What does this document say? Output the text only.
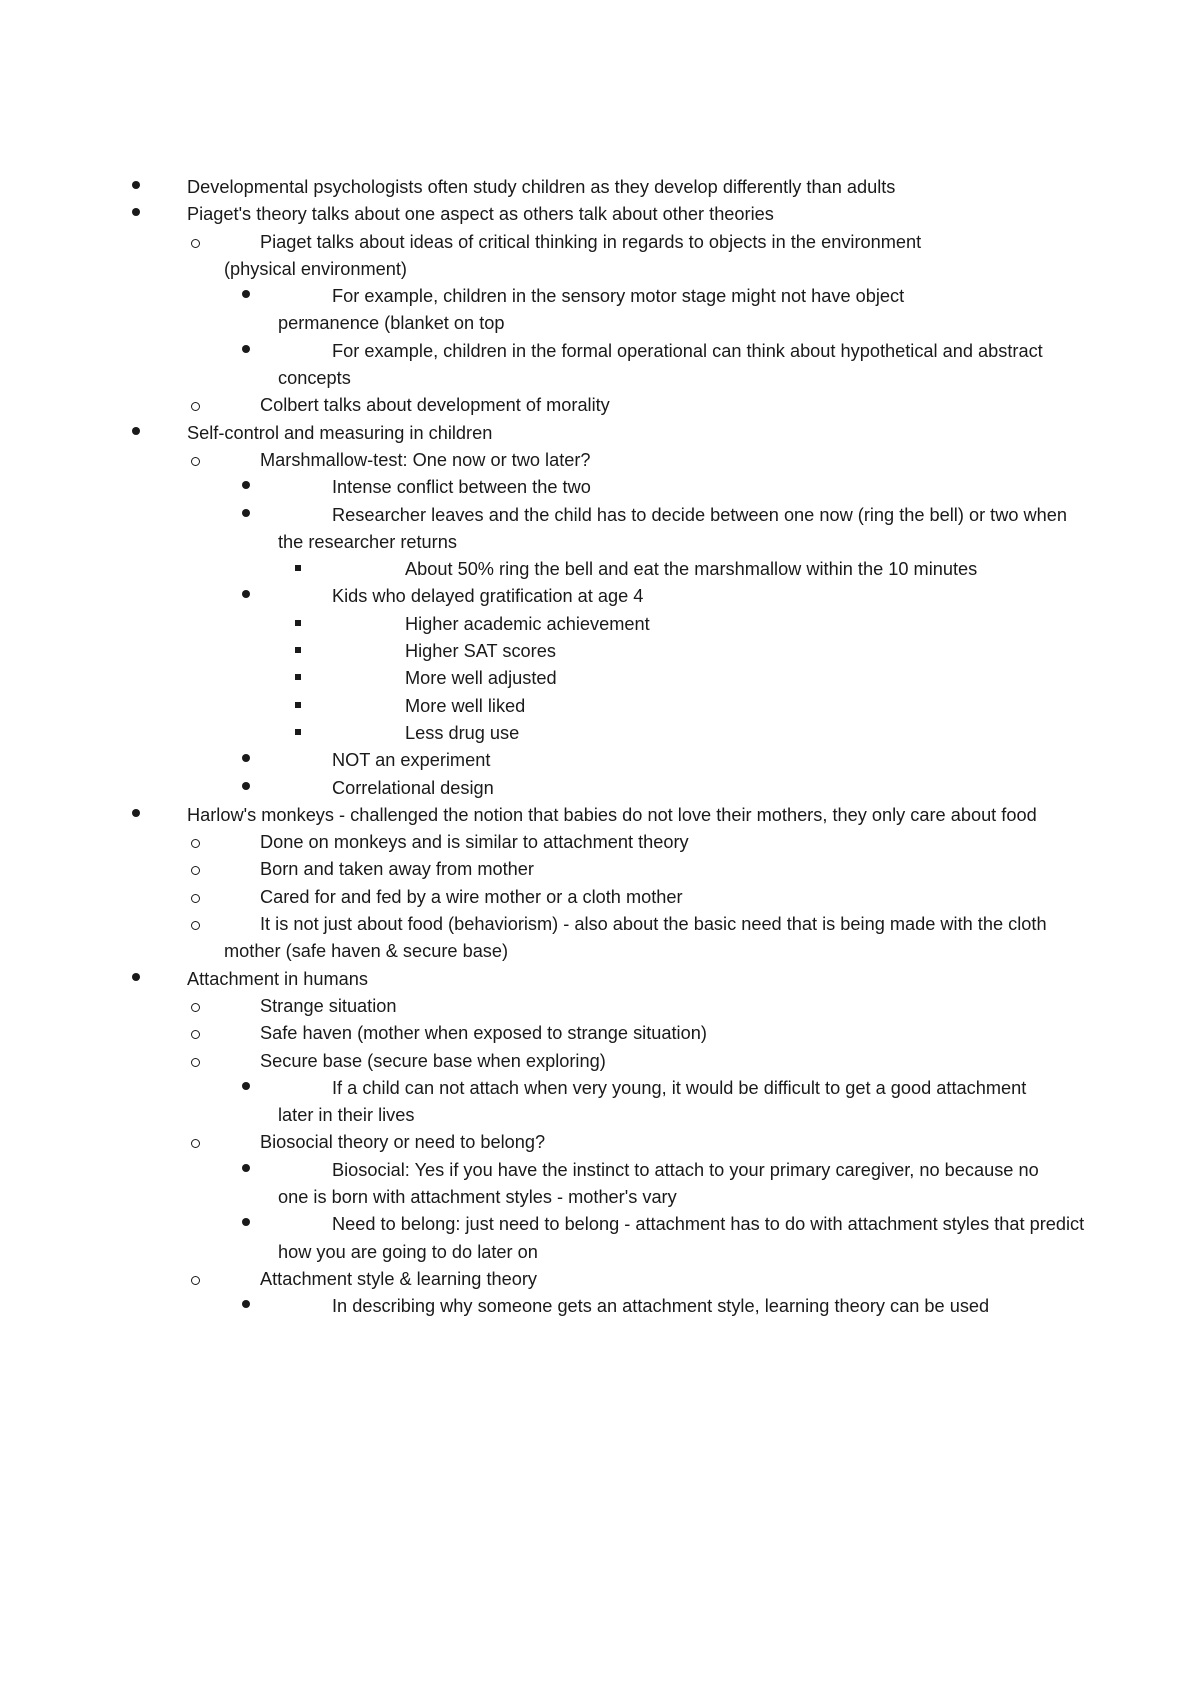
Developmental psychologists often study children as they develop differently than adults
Piaget's theory talks about one aspect as others talk about other theories
Piaget talks about ideas of critical thinking in regards to objects in the environment (physical environment)
For example, children in the sensory motor stage might not have object permanence (blanket on top
For example, children in the formal operational can think about hypothetical and abstract concepts
Colbert talks about development of morality
Self-control and measuring in children
Marshmallow-test: One now or two later?
Intense conflict between the two
Researcher leaves and the child has to decide between one now (ring the bell) or two when the researcher returns
About 50% ring the bell and eat the marshmallow within the 10 minutes
Kids who delayed gratification at age 4
Higher academic achievement
Higher SAT scores
More well adjusted
More well liked
Less drug use
NOT an experiment
Correlational design
Harlow's monkeys - challenged the notion that babies do not love their mothers, they only care about food
Done on monkeys and is similar to attachment theory
Born and taken away from mother
Cared for and fed by a wire mother or a cloth mother
It is not just about food (behaviorism) - also about the basic need that is being made with the cloth mother (safe haven & secure base)
Attachment in humans
Strange situation
Safe haven (mother when exposed to strange situation)
Secure base (secure base when exploring)
If a child can not attach when very young, it would be difficult to get a good attachment later in their lives
Biosocial theory or need to belong?
Biosocial: Yes if you have the instinct to attach to your primary caregiver, no because no one is born with attachment styles - mother's vary
Need to belong: just need to belong - attachment has to do with attachment styles that predict how you are going to do later on
Attachment style & learning theory
In describing why someone gets an attachment style, learning theory can be used
